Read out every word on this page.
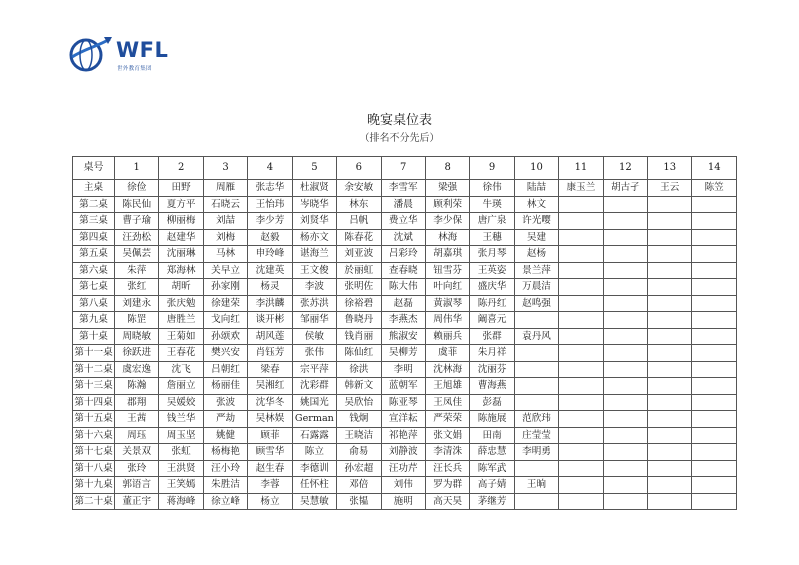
WFL
世外教育集团
晚宴桌位表
（排名不分先后）
桌号	1	2	3	4	5	6	7	8	9	10	11	12	13	14
主桌	徐俭	田野	周雁	张志华	杜淑贤	余安敏	李雪军	梁强	徐伟	陆喆	康玉兰	胡古孑	王云	陈笠
第二桌	陈民仙	夏方平	石晓云	王怡玮	岑晓华	林东	潘晨	顾利荣	牛瑛	林文				
第三桌	曹子瑜	柳丽梅	刘喆	李少芳	刘贤华	吕帆	费立华	李少保	唐广泉	许光嘤				
第四桌	汪劲松	赵建华	刘梅	赵毅	杨亦文	陈春花	沈斌	林海	王穗	吴建				
第五桌	吴佩芸	沈丽琳	马林	申玲峰	谌海兰	刘亚波	吕彩玲	胡嘉琪	张月琴	赵杨				
第六桌	朱萍	郑海林	关早立	沈建英	王文俊	於丽虹	查春晓	钮雪芬	王英姿	景兰萍				
第七桌	张红	胡昕	孙家刚	杨灵	李波	张明佐	陈大伟	叶向红	盛庆华	万晨洁				
第八桌	刘建永	张庆勉	徐建荣	李洪麟	张苏洪	徐裕碧	赵磊	黄淑琴	陈丹红	赵鸣强				
第九桌	陈罡	唐胜兰	戈向红	谈开彬	邹丽华	鲁晓丹	李燕杰	周伟华	阚喜元					
第十桌	周晓敏	王菊如	孙颂欢	胡风莲	侯敏	钱肖丽	熊淑安	赖丽兵	张群	袁丹风				
第十一桌	徐跃进	王春花	樊兴安	肖钰芳	张伟	陈仙红	吴柳芳	虞菲	朱月祥					
第十二桌	虞宏逸	沈飞	吕朝红	梁春	宗平萍	徐洪	李明	沈林海	沈丽芬					
第十三桌	陈瀚	詹丽立	杨丽佳	吴湘红	沈彩群	韩新文	蓝朝军	王旭雄	曹海燕					
第十四桌	郡翔	吴媛姣	张波	沈华冬	姚国光	吴欣怡	陈亚琴	王凤佳	彭磊					
第十五桌	王茜	钱兰华	严劫	吴林娱	German	钱炯	宣洋耘	严荣荣	陈施展	范欣玮				
第十六桌	周珏	周玉坚	姚健	顾菲	石露露	王晓洁	祁艳萍	张文娟	田南	庄莹莹				
第十七桌	关景双	张虹	杨梅艳	顾雪华	陈立	俞易	刘静波	李清洙	薛忠慧	李明勇				
第十八桌	张玲	王洪贤	汪小玲	赵生春	李德训	孙宏超	汪功芹	汪长兵	陈军武					
第十九桌	郭语言	王笑嫣	朱胜洁	李蓉	任怀柱	邓倍	刘伟	罗为群	高子婧	王晌				
第二十桌	董正宇	蒋海峰	徐立峰	杨立	吴慧敏	张韫	施明	高天昊	茅继芳					
